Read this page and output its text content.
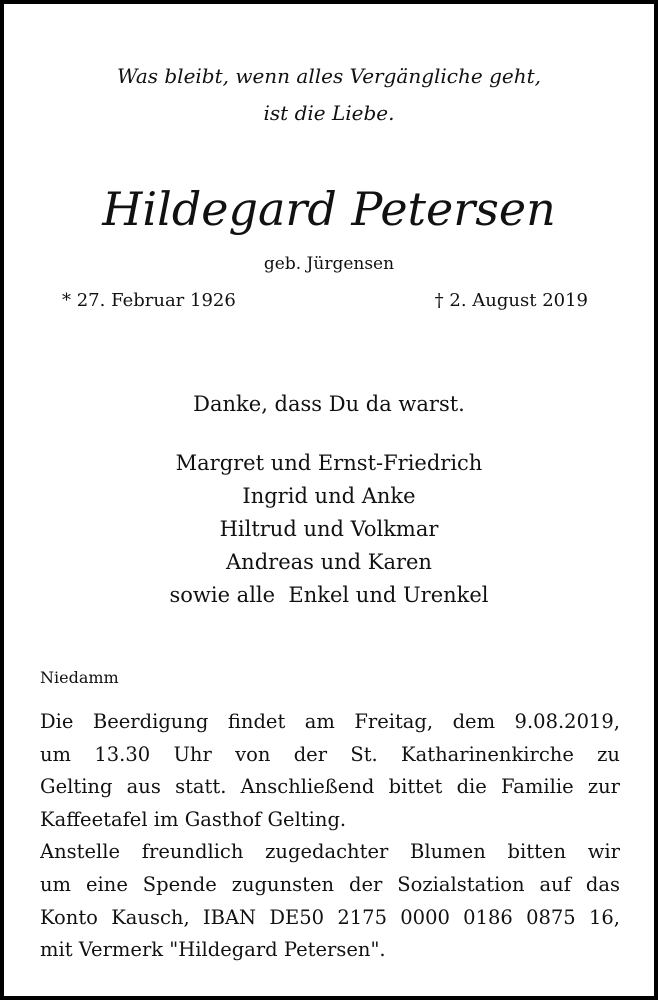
Was bleibt, wenn alles Vergängliche geht,
ist die Liebe.
Hildegard Petersen
geb. Jürgensen
* 27. Februar 1926	† 2. August 2019
Danke, dass Du da warst.
Margret und Ernst-Friedrich
Ingrid und Anke
Hiltrud und Volkmar
Andreas und Karen
sowie alle  Enkel und Urenkel
Niedamm
Die Beerdigung findet am Freitag, dem 9.08.2019,
um 13.30 Uhr von der St. Katharinenkirche zu
Gelting aus statt. Anschließend bittet die Familie zur
Kaffeetafel im Gasthof Gelting.
Anstelle freundlich zugedachter Blumen bitten wir
um eine Spende zugunsten der Sozialstation auf das
Konto Kausch, IBAN DE50 2175 0000 0186 0875 16,
mit Vermerk "Hildegard Petersen".
